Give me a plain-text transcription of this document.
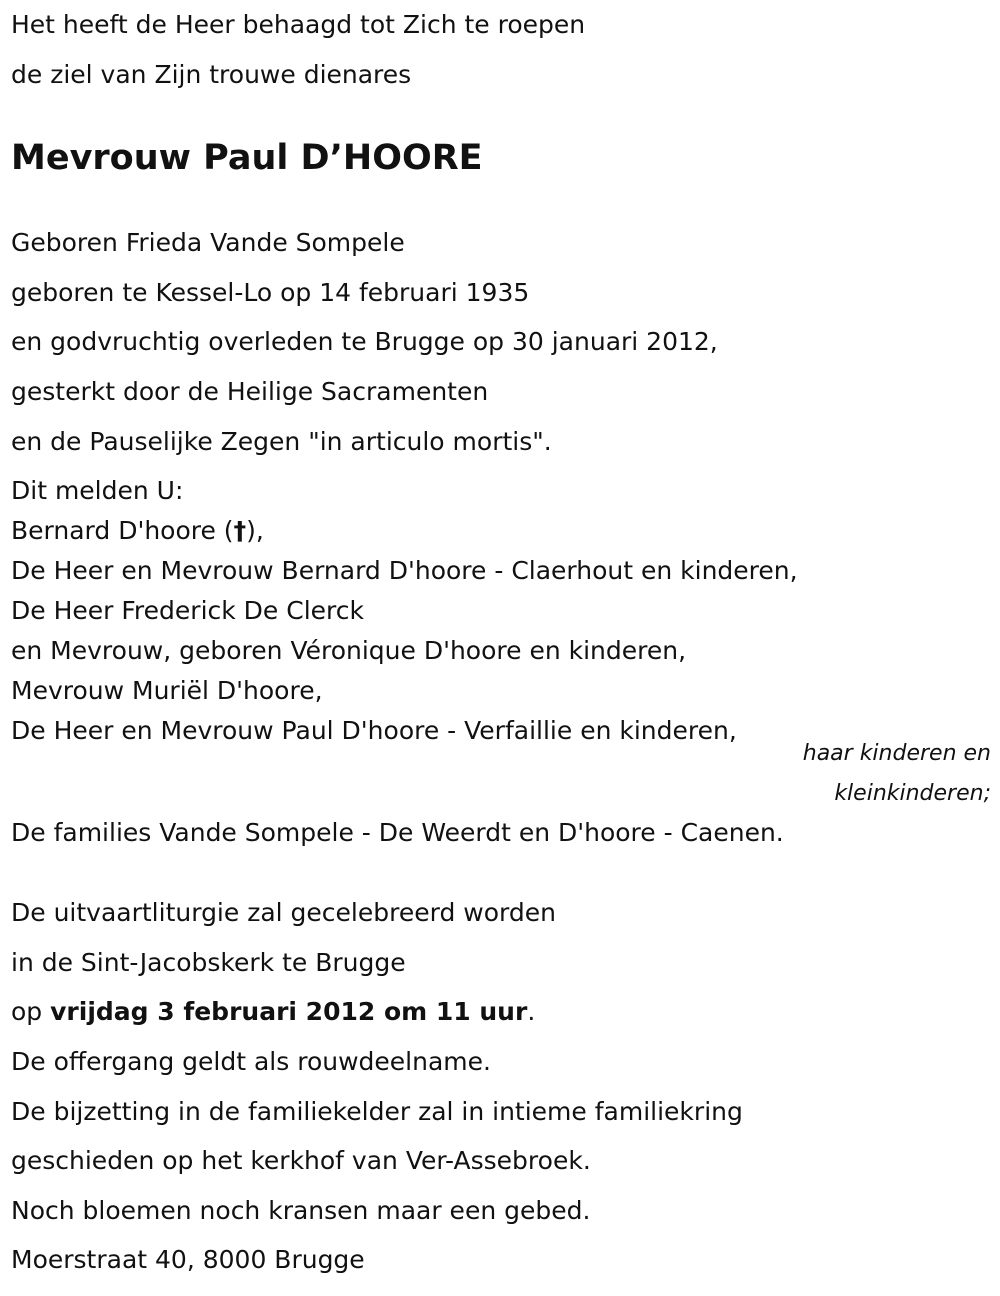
Het heeft de Heer behaagd tot Zich te roepen
de ziel van Zijn trouwe dienares
Mevrouw Paul D’HOORE
Geboren Frieda Vande Sompele
geboren te Kessel-Lo op 14 februari 1935
en godvruchtig overleden te Brugge op 30 januari 2012,
gesterkt door de Heilige Sacramenten
en de Pauselijke Zegen "in articulo mortis".
Dit melden U:
Bernard D'hoore (†),
De Heer en Mevrouw Bernard D'hoore - Claerhout en kinderen,
De Heer Frederick De Clerck
en Mevrouw, geboren Véronique D'hoore en kinderen,
Mevrouw Muriël D'hoore,
De Heer en Mevrouw Paul D'hoore - Verfaillie en kinderen,
haar kinderen en
kleinkinderen;
De families Vande Sompele - De Weerdt en D'hoore - Caenen.
De uitvaartliturgie zal gecelebreerd worden
in de Sint-Jacobskerk te Brugge
op vrijdag 3 februari 2012 om 11 uur.
De offergang geldt als rouwdeelname.
De bijzetting in de familiekelder zal in intieme familiekring
geschieden op het kerkhof van Ver-Assebroek.
Noch bloemen noch kransen maar een gebed.
Moerstraat 40, 8000 Brugge
